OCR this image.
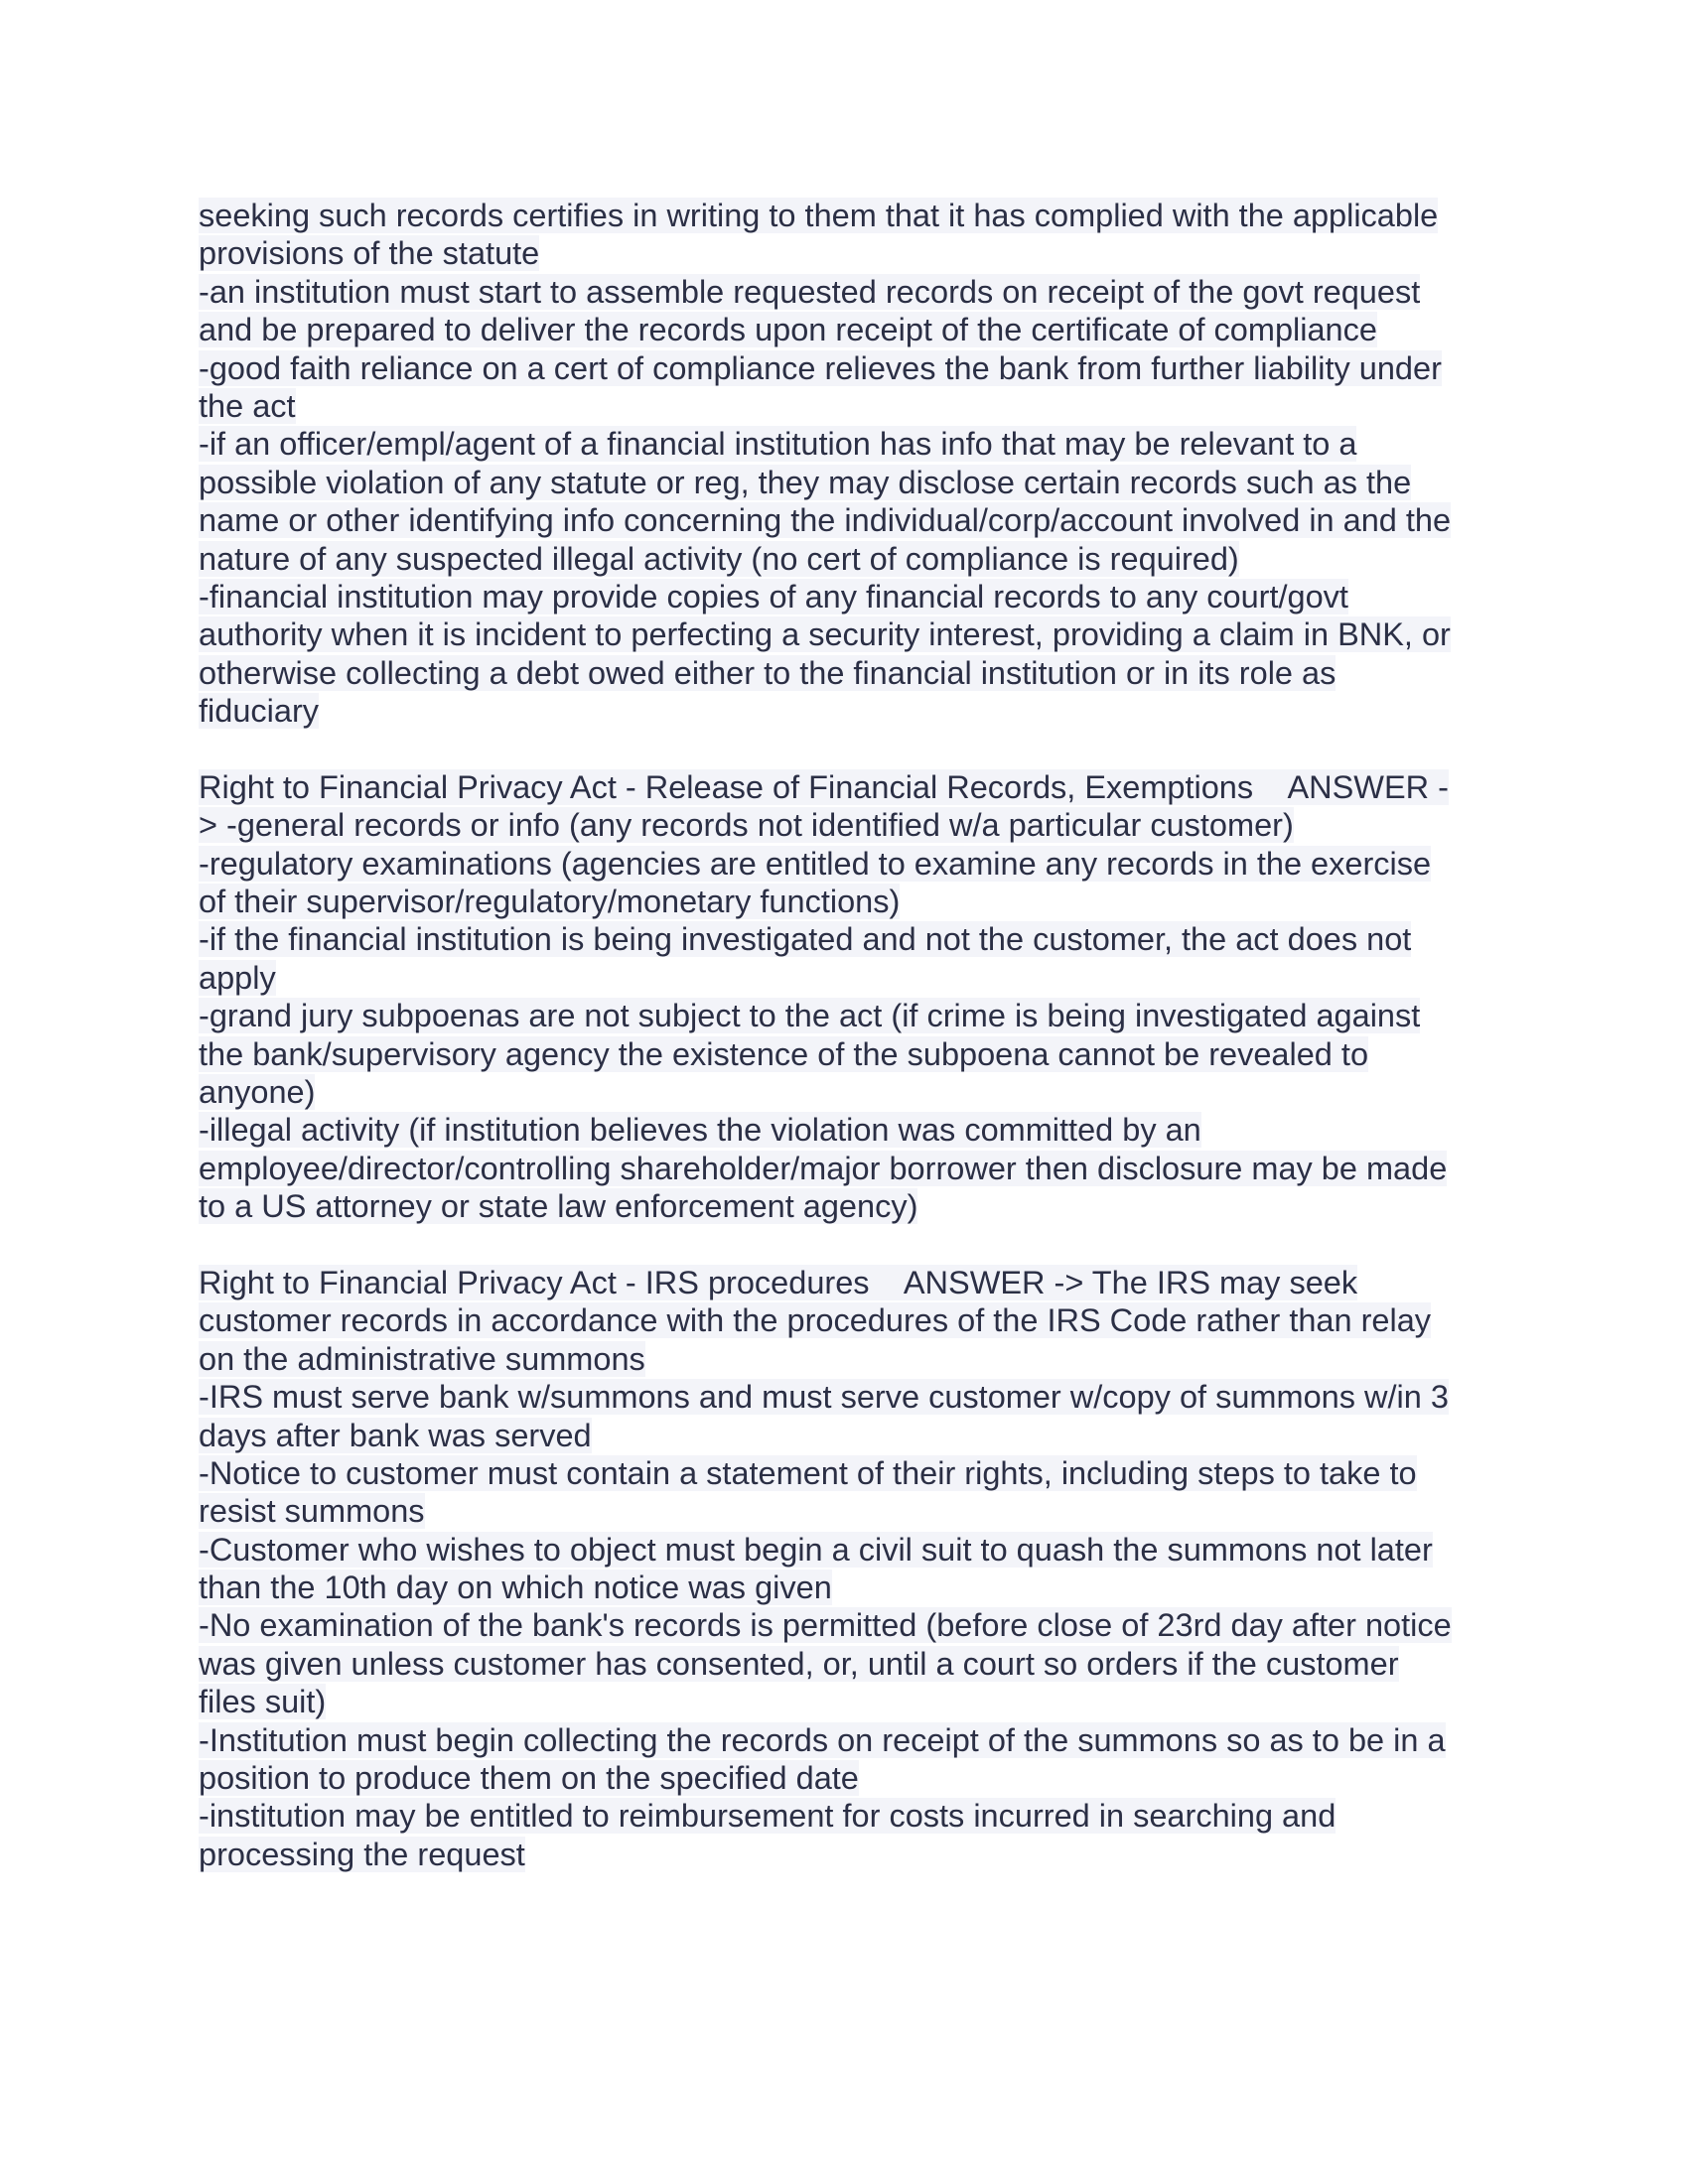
seeking such records certifies in writing to them that it has complied with the applicable
provisions of the statute
-an institution must start to assemble requested records on receipt of the govt request
and be prepared to deliver the records upon receipt of the certificate of compliance
-good faith reliance on a cert of compliance relieves the bank from further liability under
the act
-if an officer/empl/agent of a financial institution has info that may be relevant to a
possible violation of any statute or reg, they may disclose certain records such as the
name or other identifying info concerning the individual/corp/account involved in and the
nature of any suspected illegal activity (no cert of compliance is required)
-financial institution may provide copies of any financial records to any court/govt
authority when it is incident to perfecting a security interest, providing a claim in BNK, or
otherwise collecting a debt owed either to the financial institution or in its role as
fiduciary
Right to Financial Privacy Act - Release of Financial Records, Exemptions    ANSWER -
> -general records or info (any records not identified w/a particular customer)
-regulatory examinations (agencies are entitled to examine any records in the exercise
of their supervisor/regulatory/monetary functions)
-if the financial institution is being investigated and not the customer, the act does not
apply
-grand jury subpoenas are not subject to the act (if crime is being investigated against
the bank/supervisory agency the existence of the subpoena cannot be revealed to
anyone)
-illegal activity (if institution believes the violation was committed by an
employee/director/controlling shareholder/major borrower then disclosure may be made
to a US attorney or state law enforcement agency)
Right to Financial Privacy Act - IRS procedures    ANSWER -> The IRS may seek
customer records in accordance with the procedures of the IRS Code rather than relay
on the administrative summons
-IRS must serve bank w/summons and must serve customer w/copy of summons w/in 3
days after bank was served
-Notice to customer must contain a statement of their rights, including steps to take to
resist summons
-Customer who wishes to object must begin a civil suit to quash the summons not later
than the 10th day on which notice was given
-No examination of the bank's records is permitted (before close of 23rd day after notice
was given unless customer has consented, or, until a court so orders if the customer
files suit)
-Institution must begin collecting the records on receipt of the summons so as to be in a
position to produce them on the specified date
-institution may be entitled to reimbursement for costs incurred in searching and
processing the request
